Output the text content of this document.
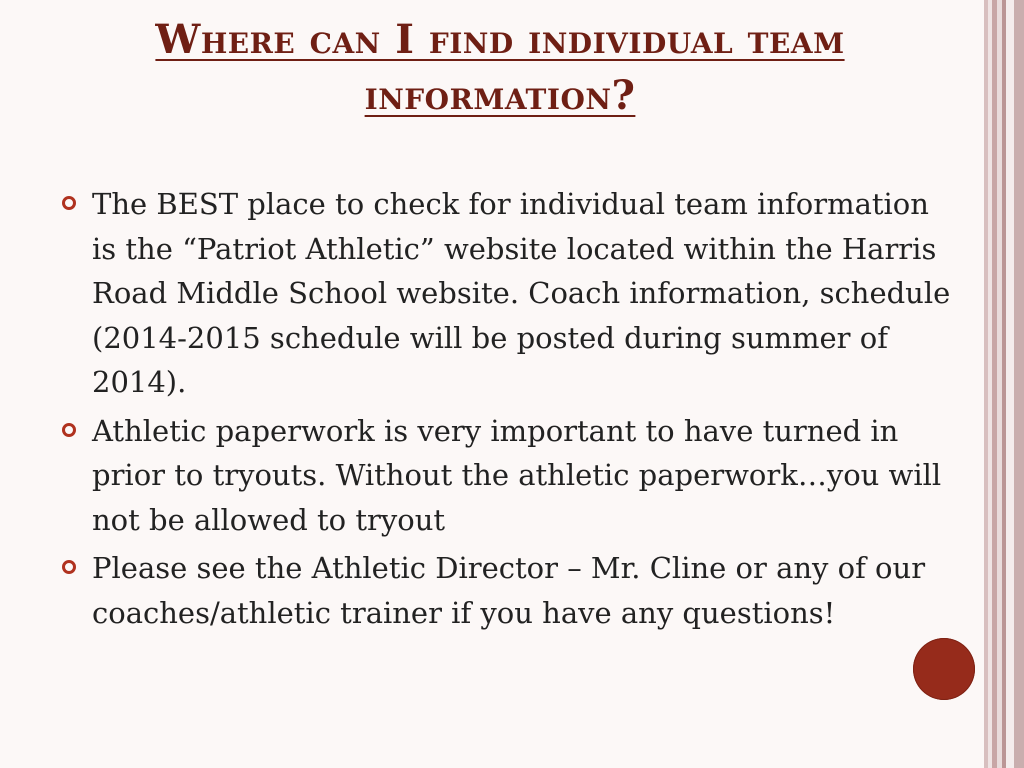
Where can I find individual team information?
The BEST place to check for individual team information is the “Patriot Athletic” website located within the Harris Road Middle School website. Coach information, schedule (2014-2015 schedule will be posted during summer of 2014).
Athletic paperwork is very important to have turned in prior to tryouts. Without the athletic paperwork…you will not be allowed to tryout
Please see the Athletic Director – Mr. Cline or any of our coaches/athletic trainer if you have any questions!
